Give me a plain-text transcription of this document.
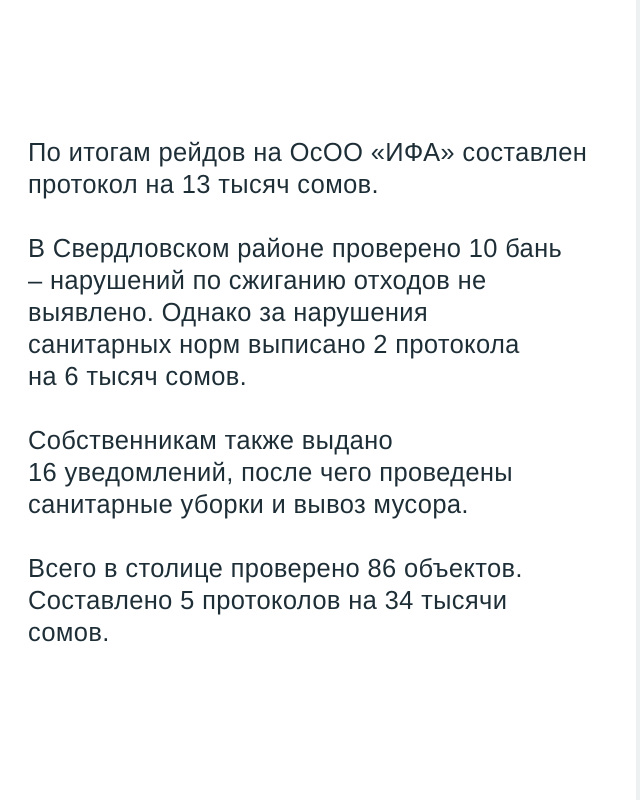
По итогам рейдов на ОсОО «ИФА» составлен
протокол на 13 тысяч сомов.

В Свердловском районе проверено 10 бань
– нарушений по сжиганию отходов не
выявлено. Однако за нарушения
санитарных норм выписано 2 протокола
на 6 тысяч сомов.

Собственникам также выдано
16 уведомлений, после чего проведены
санитарные уборки и вывоз мусора.

Всего в столице проверено 86 объектов.
Составлено 5 протоколов на 34 тысячи
сомов.
